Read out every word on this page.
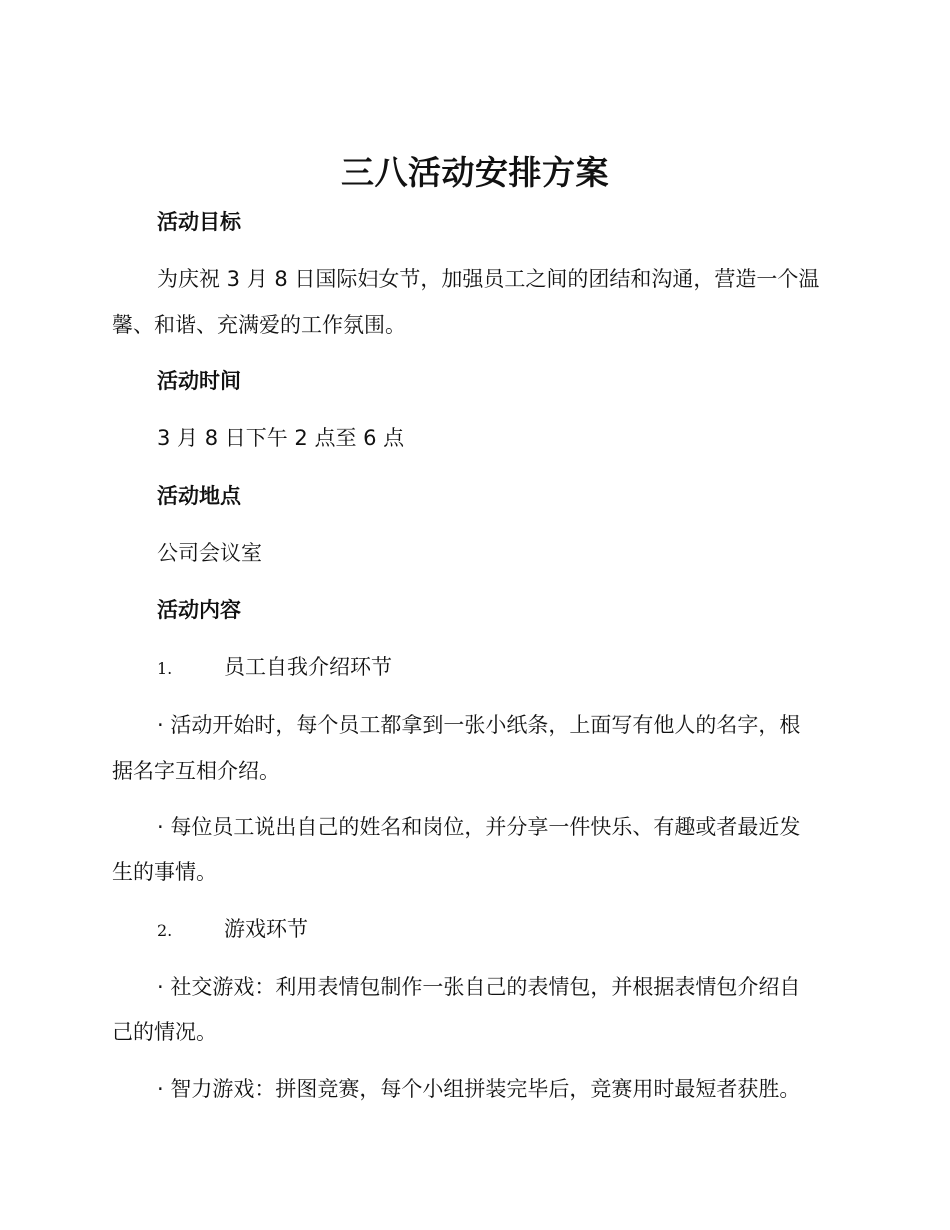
三八活动安排方案
活动目标
为庆祝 3 月 8 日国际妇女节，加强员工之间的团结和沟通，营造一个温
馨、和谐、充满爱的工作氛围。
活动时间
3 月 8 日下午 2 点至 6 点
活动地点
公司会议室
活动内容
1. 员工自我介绍环节
· 活动开始时，每个员工都拿到一张小纸条，上面写有他人的名字，根
据名字互相介绍。
· 每位员工说出自己的姓名和岗位，并分享一件快乐、有趣或者最近发
生的事情。
2. 游戏环节
· 社交游戏：利用表情包制作一张自己的表情包，并根据表情包介绍自
己的情况。
· 智力游戏：拼图竞赛，每个小组拼装完毕后，竞赛用时最短者获胜。
